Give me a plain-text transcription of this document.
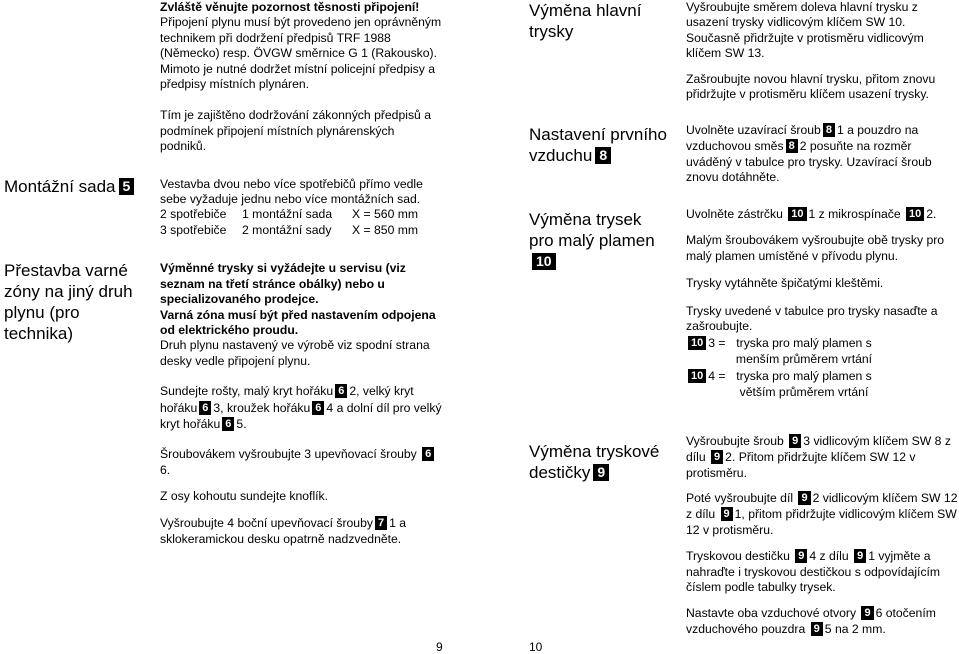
Montážní sada 5
Přestavba varné zóny na jiný druh plynu (pro technika)

Zvláště věnujte pozornost těsnosti připojení!

Připojení plynu musí být provedeno jen oprávněným technikem při dodržení předpisů TRF 1988 (Německo) resp. ÖVGW směrnice G 1 (Rakousko).

Mimoto je nutné dodržet místní policejní předpisy a předpisy místních plynáren.

Tím je zajištěno dodržování zákonných předpisů a podmínek připojení místních plynárenských podniků.

Vestavba dvou nebo více spotřebičů přímo vedle sebe vyžaduje jednu nebo více montážních sad.

2 spotřebiče	1 montážní sada	X = 560 mm
3 spotřebiče	2 montážní sady	X = 850 mm

Výměnné trysky si vyžádejte u servisu (viz seznam na třetí stránce obálky) nebo u specializovaného prodejce.

Varná zóna musí být před nastavením odpojena od elektrického proudu.

Druh plynu nastavený ve výrobě viz spodní strana desky vedle připojení plynu.

Sundejte rošty, malý kryt hořáku 6 2, velký kryt hořáku 6 3, kroužek hořáku 6 4 a dolní díl pro velký kryt hořáku 6 5.

Šroubovákem vyšroubujte 3 upevňovací šrouby 66.

Z osy kohoutu sundejte knoflík.

Vyšroubujte 4 boční upevňovací šrouby 7 1 a sklokeramickou desku opatrně nadzvedněte.

Výměna hlavní trysky
Nastavení prvního vzduchu 8
Výměna trysek pro malý plamen10
Výměna tryskové destičky 9

Vyšroubujte směrem doleva hlavní trysku z usazení trysky vidlicovým klíčem SW 10. Současně přidržujte v protisměru vidlicovým klíčem SW 13.

Zašroubujte novou hlavní trysku, přitom znovu přidržujte v protisměru klíčem usazení trysky.

Uvolněte uzavírací šroub 8 1 a pouzdro na vzduchovou směs 8 2 posuňte na rozměr uváděný v tabulce pro trysky. Uzavírací šroub znovu dotáhněte.

Uvolněte zástrčku 10 1 z mikrospínače 10 2.

Malým šroubovákem vyšroubujte obě trysky pro malý plamen umístěné v přívodu plynu.

Trysky vytáhněte špičatými kleštěmi.

Trysky uvedené v tabulce pro trysky nasaďte a zašroubujte.

10 3 = tryska pro malý plamen s menším průměrem vrtání
10 4 = tryska pro malý plamen s větším průměrem vrtání

Vyšroubujte šroub 9 3 vidlicovým klíčem SW 8 z dílu 9 2. Přitom přidržujte klíčem SW 12 v protisměru.

Poté vyšroubujte díl 9 2 vidlicovým klíčem SW 12 z dílu 9 1, přitom přidržujte vidlicovým klíčem SW 12 v protisměru.

Tryskovou destičku 9 4 z dílu 9 1 vyjměte a nahraďte i tryskovou destičkou s odpovídajícím číslem podle tabulky trysek.

Nastavte oba vzduchové otvory 9 6 otočením vzduchového pouzdra 9 5 na 2 mm.

9	10
